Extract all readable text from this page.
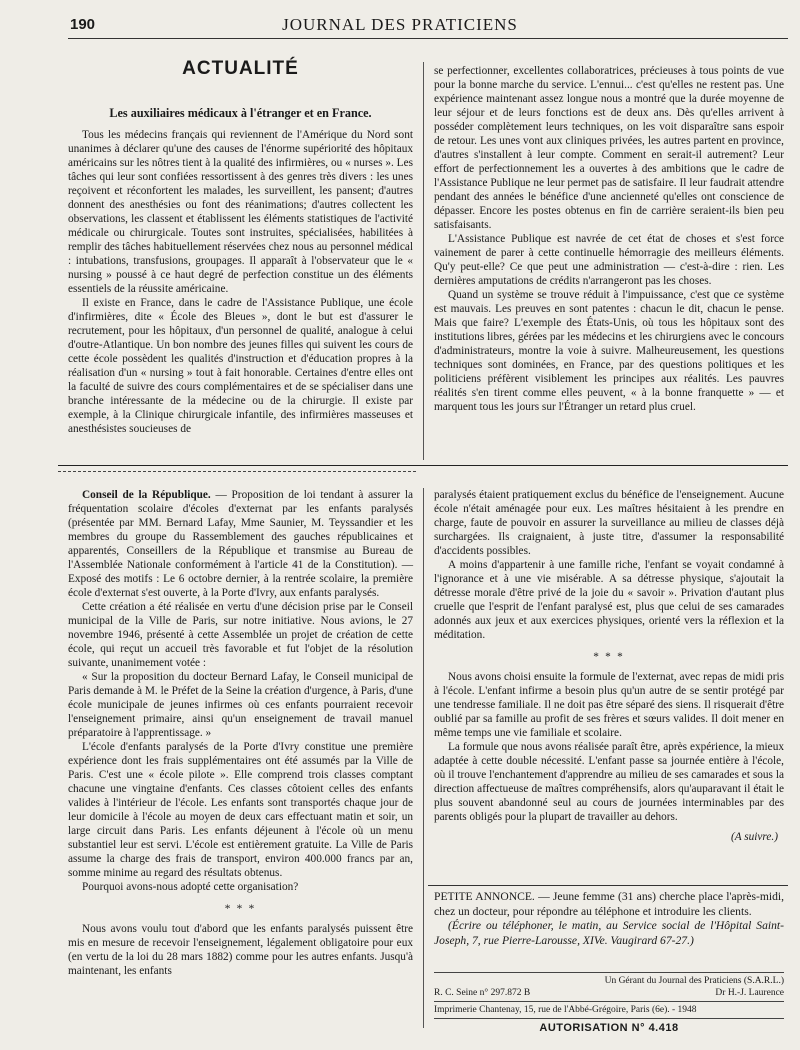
190	JOURNAL DES PRATICIENS
ACTUALITÉ
Les auxiliaires médicaux à l'étranger et en France.

Tous les médecins français qui reviennent de l'Amérique du Nord sont unanimes à déclarer qu'une des causes de l'énorme supériorité des hôpitaux américains sur les nôtres tient à la qualité des infirmières, ou « nurses ». Les tâches qui leur sont confiées ressortissent à des genres très divers : les unes reçoivent et réconfortent les malades, les surveillent, les pansent; d'autres donnent des anesthésies ou font des réanimations; d'autres collectent les observations, les classent et établissent les éléments statistiques de l'activité médicale ou chirurgicale. Toutes sont instruites, spécialisées, habilitées à remplir des tâches habituellement réservées chez nous au personnel médical : intubations, transfusions, groupages. Il apparaît à l'observateur que le « nursing » poussé à ce haut degré de perfection constitue un des éléments essentiels de la réussite américaine.

Il existe en France, dans le cadre de l'Assistance Publique, une école d'infirmières, dite « École des Bleues », dont le but est d'assurer le recrutement, pour les hôpitaux, d'un personnel de qualité, analogue à celui d'outre-Atlantique. Un bon nombre des jeunes filles qui suivent les cours de cette école possèdent les qualités d'instruction et d'éducation propres à la réalisation d'un « nursing » tout à fait honorable. Certaines d'entre elles ont la faculté de suivre des cours complémentaires et de se spécialiser dans une branche intéressante de la médecine ou de la chirurgie. Il existe par exemple, à la Clinique chirurgicale infantile, des infirmières masseuses et anesthésistes soucieuses de

se perfectionner, excellentes collaboratrices, précieuses à tous points de vue pour la bonne marche du service. L'ennui... c'est qu'elles ne restent pas. Une expérience maintenant assez longue nous a montré que la durée moyenne de leur séjour et de leurs fonctions est de deux ans. Dès qu'elles arrivent à posséder complètement leurs techniques, on les voit disparaître sans espoir de retour. Les unes vont aux cliniques privées, les autres partent en province, d'autres s'installent à leur compte. Comment en serait-il autrement? Leur effort de perfectionnement les a ouvertes à des ambitions que le cadre de l'Assistance Publique ne leur permet pas de satisfaire. Il leur faudrait attendre pendant des années le bénéfice d'une ancienneté qu'elles ont conscience de dépasser. Encore les postes obtenus en fin de carrière seraient-ils bien peu satisfaisants.

L'Assistance Publique est navrée de cet état de choses et s'est force vainement de parer à cette continuelle hémorragie des meilleurs éléments. Qu'y peut-elle? Ce que peut une administration — c'est-à-dire : rien. Les dernières amputations de crédits n'arrangeront pas les choses.

Quand un système se trouve réduit à l'impuissance, c'est que ce système est mauvais. Les preuves en sont patentes : chacun le dit, chacun le pense. Mais que faire? L'exemple des États-Unis, où tous les hôpitaux sont des institutions libres, gérées par les médecins et les chirurgiens avec le concours d'administrateurs, montre la voie à suivre. Malheureusement, les questions techniques sont dominées, en France, par des questions politiques et les politiciens préfèrent visiblement les principes aux réalités. Les pauvres réalités s'en tirent comme elles peuvent, « à la bonne franquette » — et marquent tous les jours sur l'Étranger un retard plus cruel.

Conseil de la République. — Proposition de loi tendant à assurer la fréquentation scolaire d'écoles d'externat par les enfants paralysés (présentée par MM. Bernard Lafay, Mme Saunier, M. Teyssandier et les membres du groupe du Rassemblement des gauches républicaines et apparentés, Conseillers de la République et transmise au Bureau de l'Assemblée Nationale conformément à l'article 41 de la Constitution). — Exposé des motifs : Le 6 octobre dernier, à la rentrée scolaire, la première école d'externat s'est ouverte, à la Porte d'Ivry, aux enfants paralysés.

Cette création a été réalisée en vertu d'une décision prise par le Conseil municipal de la Ville de Paris, sur notre initiative. Nous avions, le 27 novembre 1946, présenté à cette Assemblée un projet de création de cette école, qui reçut un accueil très favorable et fut l'objet de la résolution suivante, unanimement votée :

« Sur la proposition du docteur Bernard Lafay, le Conseil municipal de Paris demande à M. le Préfet de la Seine la création d'urgence, à Paris, d'une école municipale de jeunes infirmes où ces enfants pourraient recevoir l'enseignement primaire, ainsi qu'un enseignement de travail manuel préparatoire à l'apprentissage. »

L'école d'enfants paralysés de la Porte d'Ivry constitue une première expérience dont les frais supplémentaires ont été assumés par la Ville de Paris. C'est une « école pilote ». Elle comprend trois classes comptant chacune une vingtaine d'enfants. Ces classes côtoient celles des enfants valides à l'intérieur de l'école. Les enfants sont transportés chaque jour de leur domicile à l'école au moyen de deux cars effectuant matin et soir, un large circuit dans Paris. Les enfants déjeunent à l'école où un menu substantiel leur est servi. L'école est entièrement gratuite. La Ville de Paris assume la charge des frais de transport, environ 400.000 francs par an, somme minime au regard des résultats obtenus.

Pourquoi avons-nous adopté cette organisation?

* * *

Nous avons voulu tout d'abord que les enfants paralysés puissent être mis en mesure de recevoir l'enseignement, légalement obligatoire pour eux (en vertu de la loi du 28 mars 1882) comme pour les autres enfants. Jusqu'à maintenant, les enfants

paralysés étaient pratiquement exclus du bénéfice de l'enseignement. Aucune école n'était aménagée pour eux. Les maîtres hésitaient à les prendre en charge, faute de pouvoir en assurer la surveillance au milieu de classes déjà surchargées. Ils craignaient, à juste titre, d'assumer la responsabilité d'accidents possibles.

A moins d'appartenir à une famille riche, l'enfant se voyait condamné à l'ignorance et à une vie misérable. A sa détresse physique, s'ajoutait la détresse morale d'être privé de la joie du « savoir ». Privation d'autant plus cruelle que l'esprit de l'enfant paralysé est, plus que celui de ses camarades adonnés aux jeux et aux exercices physiques, orienté vers la réflexion et la méditation.

* * *

Nous avons choisi ensuite la formule de l'externat, avec repas de midi pris à l'école. L'enfant infirme a besoin plus qu'un autre de se sentir protégé par une tendresse familiale. Il ne doit pas être séparé des siens. Il risquerait d'être oublié par sa famille au profit de ses frères et sœurs valides. Il doit mener en même temps une vie familiale et scolaire.

La formule que nous avons réalisée paraît être, après expérience, la mieux adaptée à cette double nécessité. L'enfant passe sa journée entière à l'école, où il trouve l'enchantement d'apprendre au milieu de ses camarades et sous la direction affectueuse de maîtres compréhensifs, alors qu'auparavant il était le plus souvent abandonné seul au cours de journées interminables par des parents obligés pour la plupart de travailler au dehors.

(A suivre.)

PETITE ANNONCE. — Jeune femme (31 ans) cherche place l'après-midi, chez un docteur, pour répondre au téléphone et introduire les clients.

(Écrire ou téléphoner, le matin, au Service social de l'Hôpital Saint-Joseph, 7, rue Pierre-Larousse, XIVe. Vaugirard 67-27.)

Un Gérant du Journal des Praticiens (S.A.R.L.)
R. C. Seine n° 297.872 B	Dr H.-J. Laurence
Imprimerie Chantenay, 15, rue de l'Abbé-Grégoire, Paris (6e). - 1948
AUTORISATION N° 4.418
